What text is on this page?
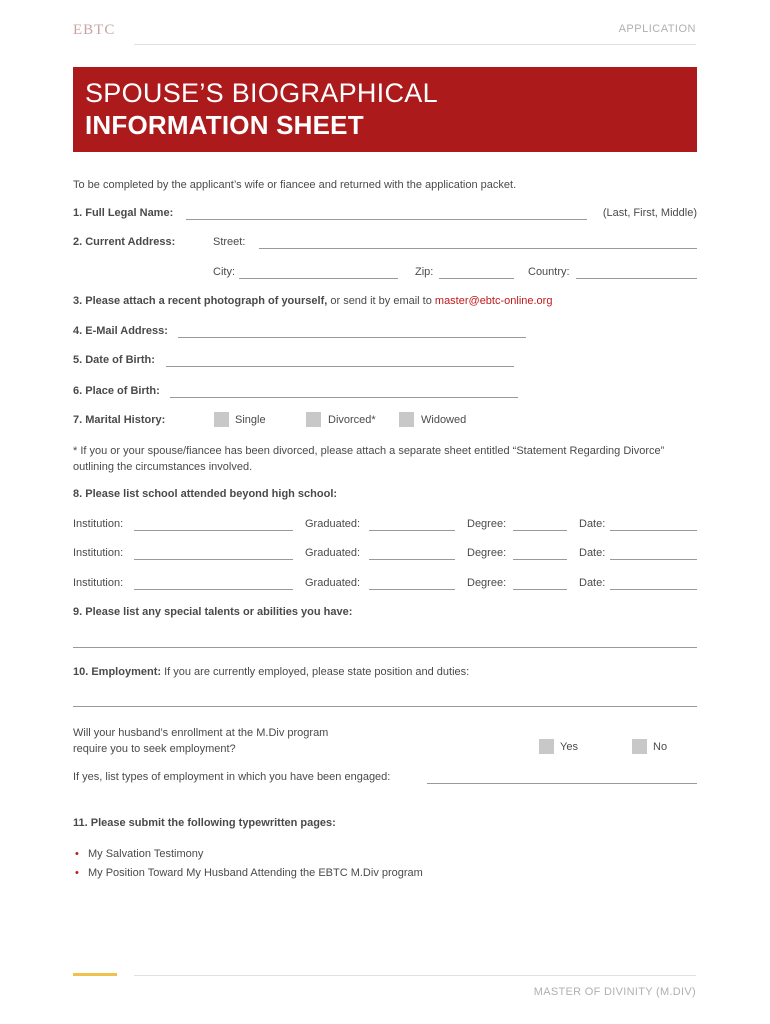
EBTC	APPLICATION
SPOUSE’S BIOGRAPHICAL
INFORMATION SHEET
To be completed by the applicant’s wife or fiancee and returned with the application packet.
1. Full Legal Name:	(Last, First, Middle)
2. Current Address:	Street:
City:	Zip:	Country:
3. Please attach a recent photograph of yourself, or send it by email to master@ebtc-online.org
4. E-Mail Address:
5. Date of Birth:
6. Place of Birth:
7. Marital History:	Single	Divorced*	Widowed
* If you or your spouse/fiancee has been divorced, please attach a separate sheet entitled “Statement Regarding Divorce” outlining the circumstances involved.
8. Please list school attended beyond high school:
Institution:	Graduated:	Degree:	Date:
Institution:	Graduated:	Degree:	Date:
Institution:	Graduated:	Degree:	Date:
9. Please list any special talents or abilities you have:
10. Employment: If you are currently employed, please state position and duties:
Will your husband’s enrollment at the M.Div program
require you to seek employment?	Yes	No
If yes, list types of employment in which you have been engaged:
11. Please submit the following typewritten pages:
• My Salvation Testimony
• My Position Toward My Husband Attending the EBTC M.Div program
MASTER OF DIVINITY (M.DIV)
